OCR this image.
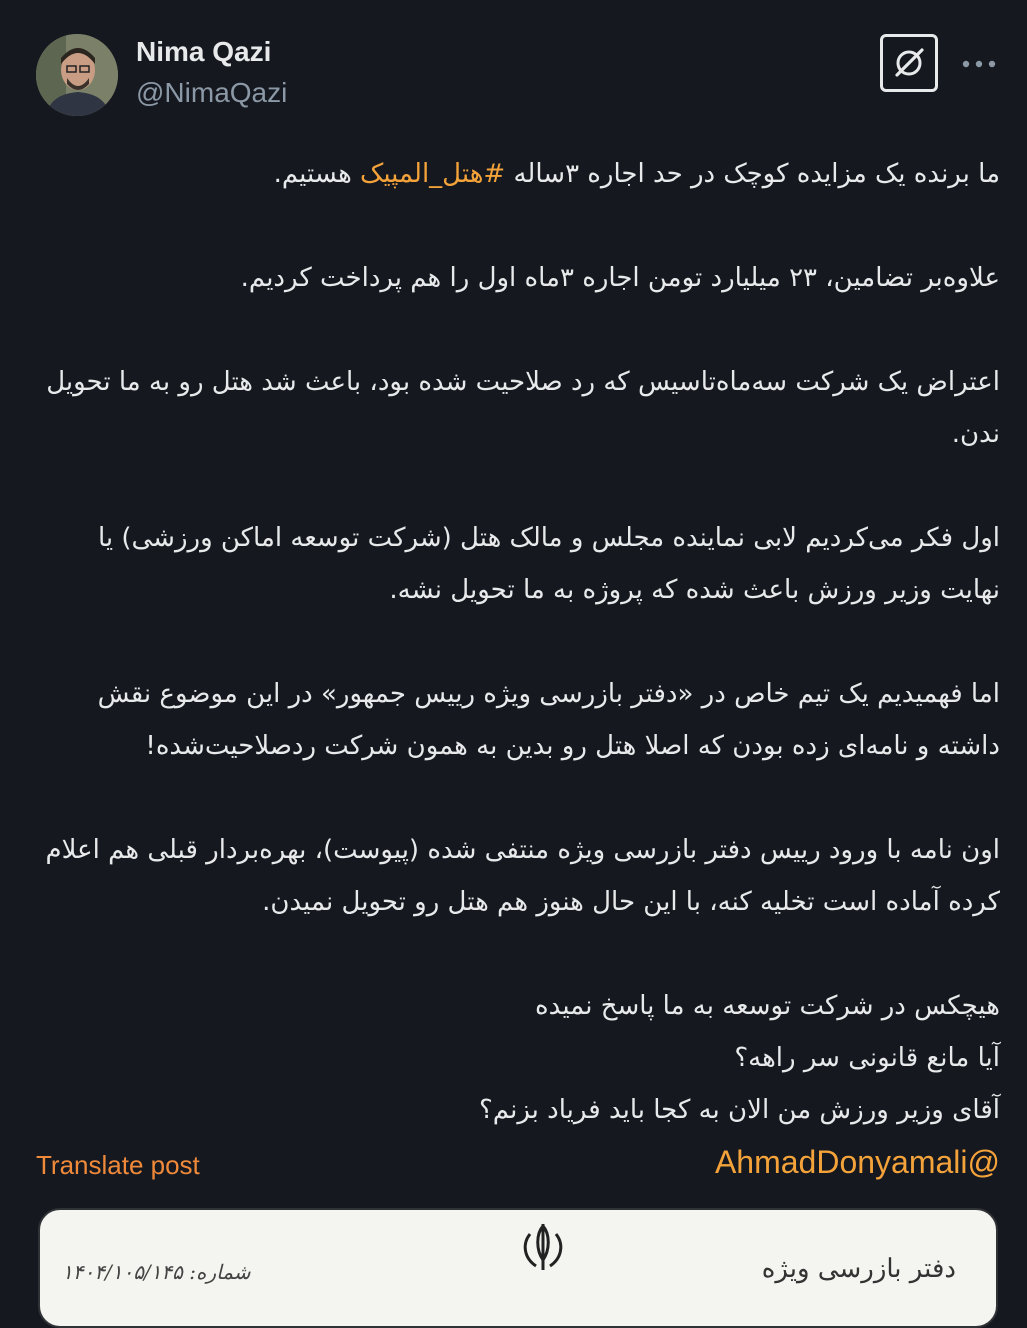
Nima Qazi
@NimaQazi

ما برنده یک مزایده کوچک در حد اجاره ۳ساله #هتل_المپیک هستیم.

علاوه‌بر تضامین، ۲۳ میلیارد تومن اجاره ۳ماه اول را هم پرداخت کردیم.

اعتراض یک شرکت سه‌ماه‌تاسیس که رد صلاحیت شده بود، باعث شد هتل رو به ما تحویل ندن.

اول فکر می‌کردیم لابی نماینده مجلس و مالک هتل (شرکت توسعه اماکن ورزشی) یا نهایت وزیر ورزش باعث شده که پروژه به ما تحویل نشه.

اما فهمیدیم یک تیم خاص در «دفتر بازرسی ویژه رییس جمهور» در این موضوع نقش داشته و نامه‌ای زده بودن که اصلا هتل رو بدین به همون شرکت ردصلاحیت‌شده!

اون نامه با ورود رییس دفتر بازرسی ویژه منتفی شده (پیوست)، بهره‌بردار قبلی هم اعلام کرده آماده است تخلیه کنه، با این حال هنوز هم هتل رو تحویل نمیدن.

هیچکس در شرکت توسعه به ما پاسخ نمیده
آیا مانع قانونی سر راهه؟
آقای وزیر ورزش من الان به کجا باید فریاد بزنم؟
@AhmadDonyamali

Translate post
دفتر بازرسی ویژه
شماره: ۱۴۰۴/۱۰۵/۱۴۵
